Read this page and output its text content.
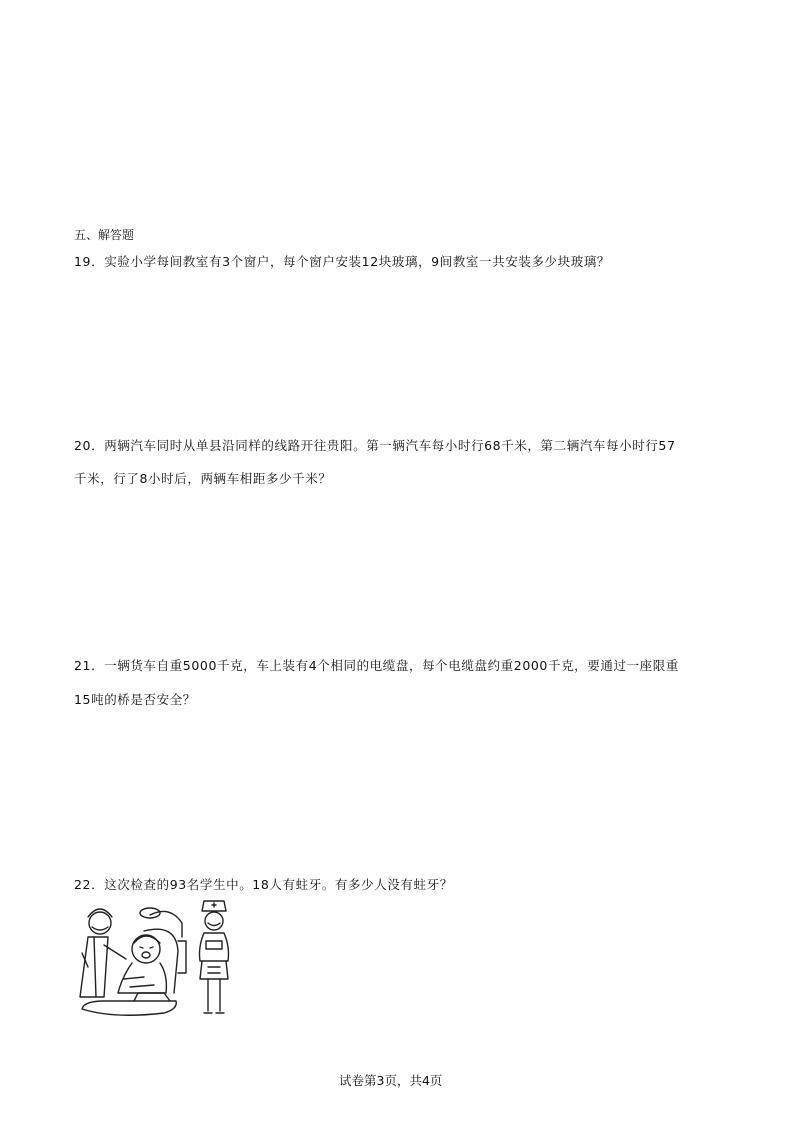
五、解答题
19．实验小学每间教室有3个窗户，每个窗户安装12块玻璃，9间教室一共安装多少块玻璃？
20．两辆汽车同时从单县沿同样的线路开往贵阳。第一辆汽车每小时行68千米，第二辆汽车每小时行57
千米，行了8小时后，两辆车相距多少千米？
21．一辆货车自重5000千克，车上装有4个相同的电缆盘，每个电缆盘约重2000千克，要通过一座限重
15吨的桥是否安全？
22．这次检查的93名学生中。18人有蛀牙。有多少人没有蛀牙？
试卷第3页，共4页
